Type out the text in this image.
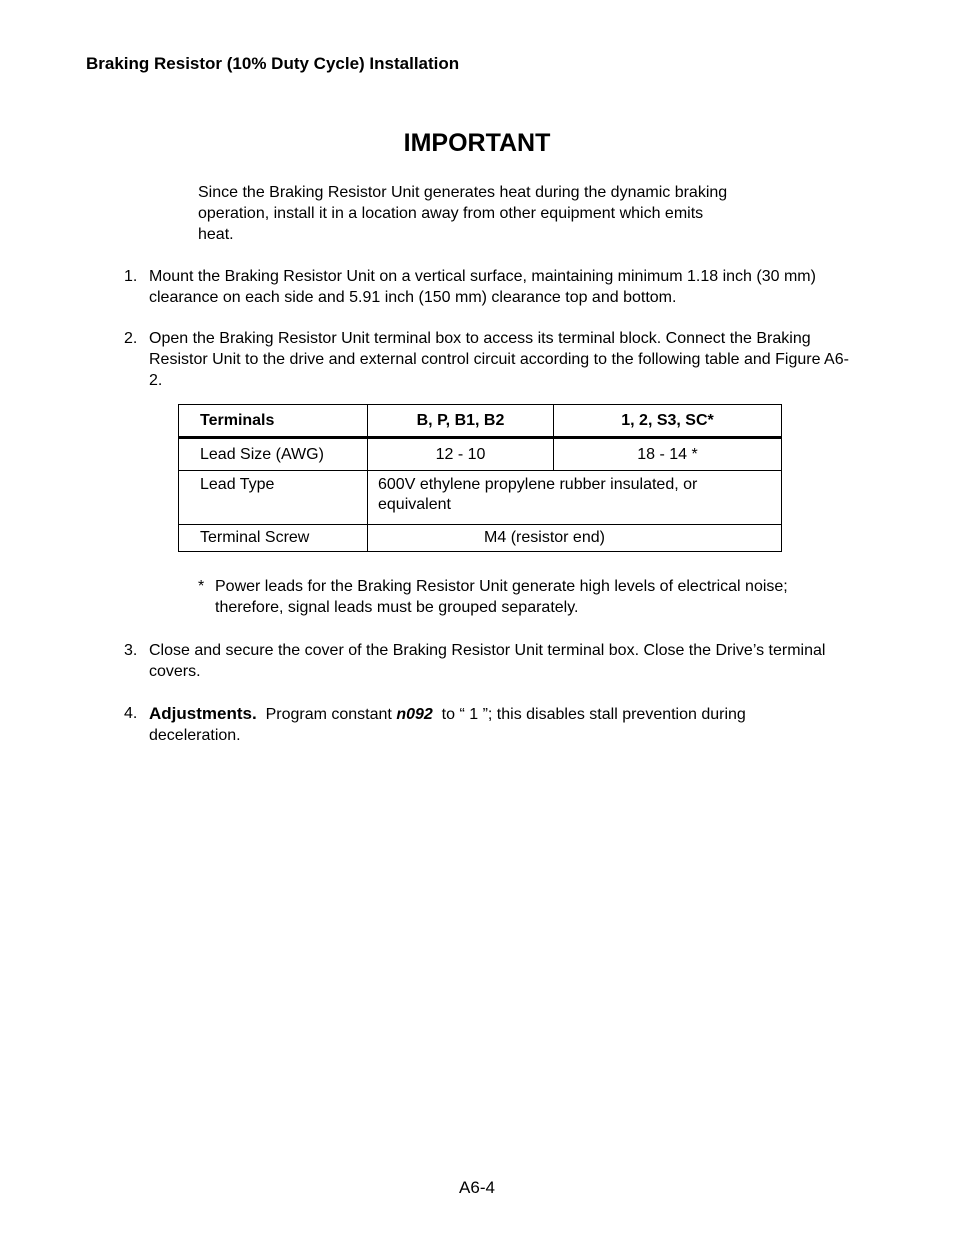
Braking Resistor (10% Duty Cycle) Installation
IMPORTANT
Since the Braking Resistor Unit generates heat during the dynamic braking operation, install it in a location away from other equipment which emits heat.
1. Mount the Braking Resistor Unit on a vertical surface, maintaining minimum 1.18 inch (30 mm) clearance on each side and 5.91 inch (150 mm) clearance top and bottom.
2. Open the Braking Resistor Unit terminal box to access its terminal block. Connect the Braking Resistor Unit to the drive and external control circuit according to the following table and Figure A6-2.
Terminals	B, P, B1, B2	1, 2, S3, SC*
Lead Size (AWG)	12 - 10	18 - 14 *
Lead Type	600V ethylene propylene rubber insulated, or equivalent	

Terminal Screw	M4 (resistor end)	
* Power leads for the Braking Resistor Unit generate high levels of electrical noise; therefore, signal leads must be grouped separately.
3. Close and secure the cover of the Braking Resistor Unit terminal box. Close the Drive’s terminal covers.
4. Adjustments. Program constant n092 to “ 1 ”; this disables stall prevention during deceleration.
A6-4
